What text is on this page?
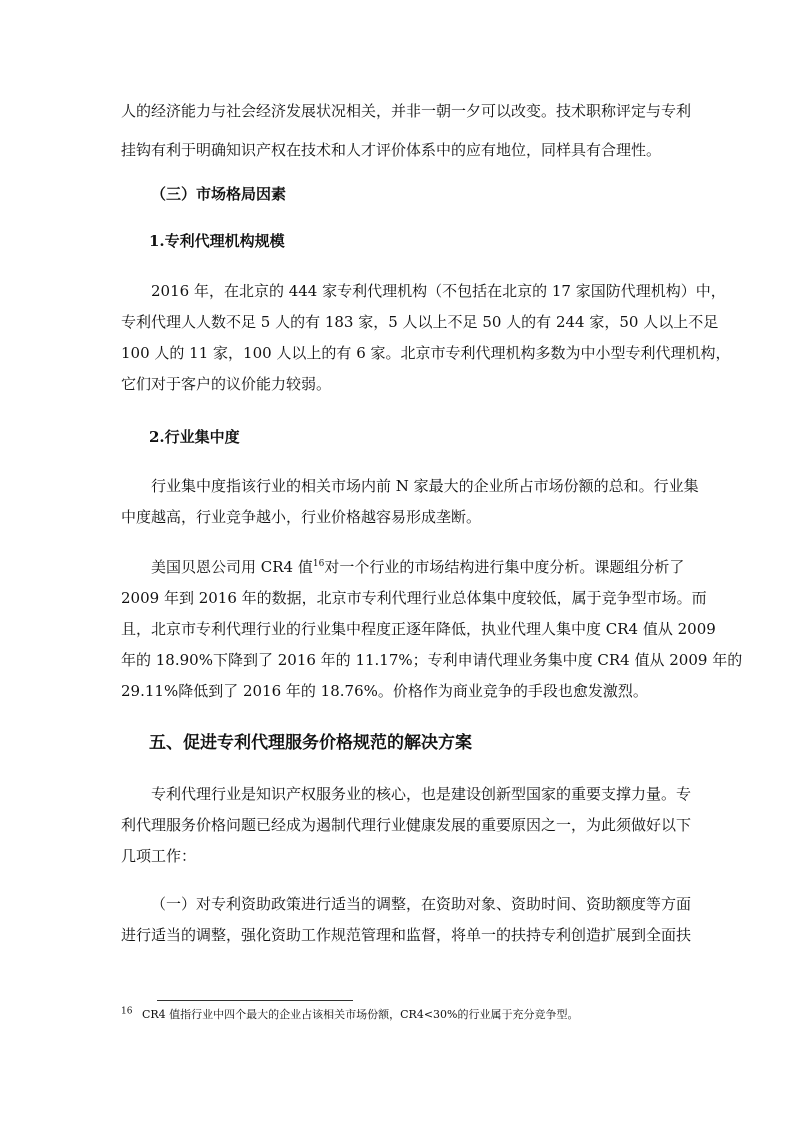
人的经济能力与社会经济发展状况相关，并非一朝一夕可以改变。技术职称评定与专利
挂钩有利于明确知识产权在技术和人才评价体系中的应有地位，同样具有合理性。
（三）市场格局因素
1.专利代理机构规模
2016 年，在北京的 444 家专利代理机构（不包括在北京的 17 家国防代理机构）中，
专利代理人人数不足 5 人的有 183 家，5 人以上不足 50 人的有 244 家，50 人以上不足
100 人的 11 家，100 人以上的有 6 家。北京市专利代理机构多数为中小型专利代理机构，
它们对于客户的议价能力较弱。
2.行业集中度
行业集中度指该行业的相关市场内前 N 家最大的企业所占市场份额的总和。行业集
中度越高，行业竞争越小，行业价格越容易形成垄断。
美国贝恩公司用 CR4 值$^{16}$对一个行业的市场结构进行集中度分析。课题组分析了
2009 年到 2016 年的数据，北京市专利代理行业总体集中度较低，属于竞争型市场。而
且，北京市专利代理行业的行业集中程度正逐年降低，执业代理人集中度 CR4 值从 2009
年的 18.90%下降到了 2016 年的 11.17%；专利申请代理业务集中度 CR4 值从 2009 年的
29.11%降低到了 2016 年的 18.76%。价格作为商业竞争的手段也愈发激烈。
五、促进专利代理服务价格规范的解决方案
专利代理行业是知识产权服务业的核心，也是建设创新型国家的重要支撑力量。专
利代理服务价格问题已经成为遏制代理行业健康发展的重要原因之一，为此须做好以下
几项工作：
（一）对专利资助政策进行适当的调整，在资助对象、资助时间、资助额度等方面
进行适当的调整，强化资助工作规范管理和监督，将单一的扶持专利创造扩展到全面扶
$^{16}$ CR4 值指行业中四个最大的企业占该相关市场份额，CR4<30%的行业属于充分竞争型。
